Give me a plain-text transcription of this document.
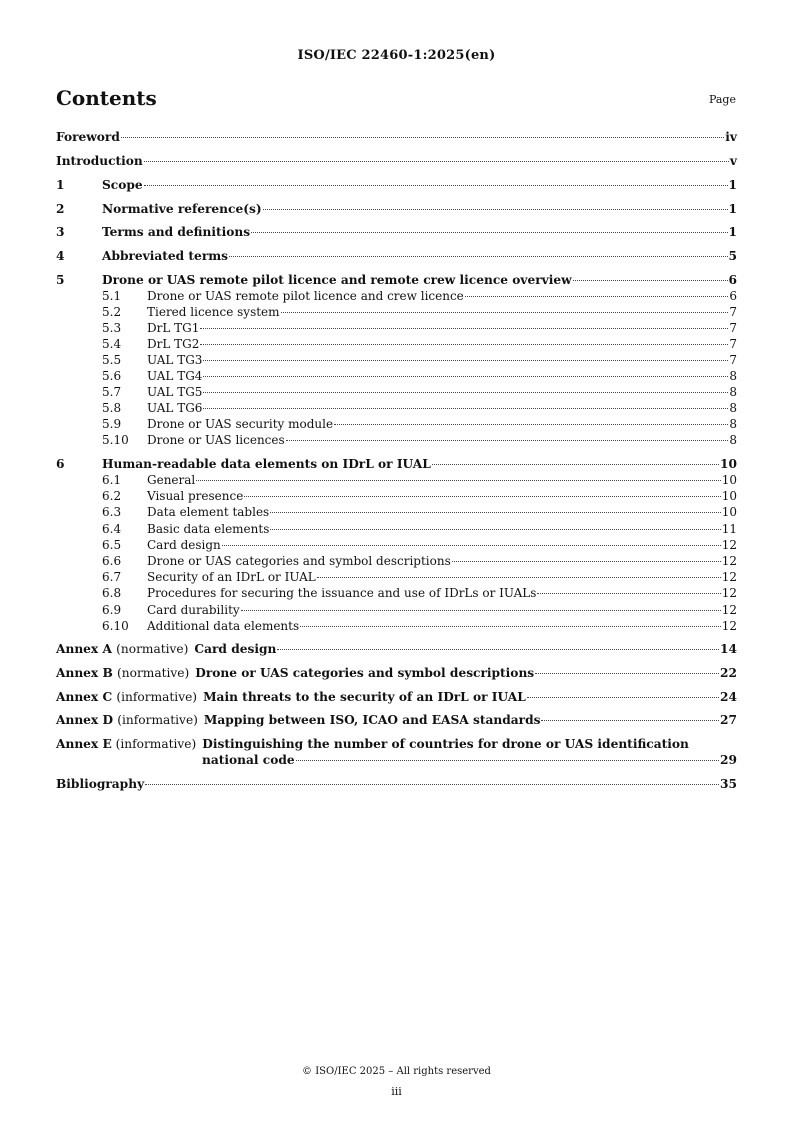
ISO/IEC 22460-1:2025(en)
Contents	Page
Foreword	iv
Introduction	v
1	Scope	1
2	Normative reference(s)	1
3	Terms and definitions	1
4	Abbreviated terms	5
5	Drone or UAS remote pilot licence and remote crew licence overview	6
5.1 Drone or UAS remote pilot licence and crew licence	6
5.2 Tiered licence system	7
5.3 DrL TG1	7
5.4 DrL TG2	7
5.5 UAL TG3	7
5.6 UAL TG4	8
5.7 UAL TG5	8
5.8 UAL TG6	8
5.9 Drone or UAS security module	8
5.10 Drone or UAS licences	8
6	Human-readable data elements on IDrL or IUAL	10
6.1 General	10
6.2 Visual presence	10
6.3 Data element tables	10
6.4 Basic data elements	11
6.5 Card design	12
6.6 Drone or UAS categories and symbol descriptions	12
6.7 Security of an IDrL or IUAL	12
6.8 Procedures for securing the issuance and use of IDrLs or IUALs	12
6.9 Card durability	12
6.10 Additional data elements	12
Annex A (normative) Card design	14
Annex B (normative) Drone or UAS categories and symbol descriptions	22
Annex C (informative) Main threats to the security of an IDrL or IUAL	24
Annex D (informative) Mapping between ISO, ICAO and EASA standards	27
Annex E (informative) Distinguishing the number of countries for drone or UAS identification
national code	29
Bibliography	35
© ISO/IEC 2025 – All rights reserved
iii
